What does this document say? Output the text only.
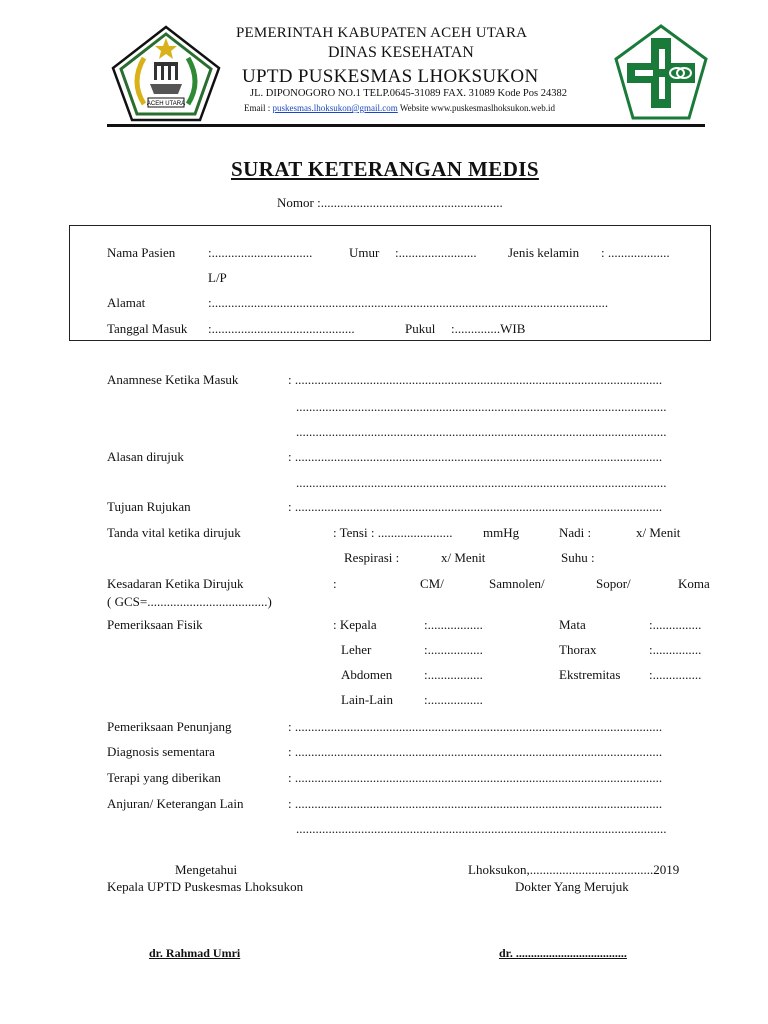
ACEH UTARA
PEMERINTAH KABUPATEN ACEH UTARA
DINAS KESEHATAN
UPTD PUSKESMAS LHOKSUKON
JL. DIPONOGORO NO.1 TELP.0645-31089 FAX. 31089 Kode Pos 24382
Email : puskesmas.lhoksukon@gmail.com Website www.puskesmaslhoksukon.web.id
SURAT KETERANGAN MEDIS
Nomor :........................................................
Nama Pasien	:...............................	Umur :........................ Jenis kelamin : ...................
L/P
Alamat	:..........................................................................................................................
Tanggal Masuk :............................................	Pukul :..............WIB
Anamnese Ketika Masuk	: .................................................................................................................
..................................................................................................................
..................................................................................................................
Alasan dirujuk	: .................................................................................................................
..................................................................................................................
Tujuan Rujukan	: .................................................................................................................
Tanda vital ketika dirujuk	: Tensi : ....................... mmHg	Nadi :	x/ Menit
Respirasi :	x/ Menit	Suhu :
Kesadaran Ketika Dirujuk	:	CM/	Samnolen/	Sopor/	Koma
( GCS=.....................................)
Pemeriksaan Fisik	: Kepala	:.................	Mata	:...............
Leher	:.................	Thorax	:...............
Abdomen :.................	Ekstremitas :...............
Lain-Lain :.................
Pemeriksaan Penunjang	: .................................................................................................................
Diagnosis sementara	: .................................................................................................................
Terapi yang diberikan	: .................................................................................................................
Anjuran/ Keterangan Lain	: .................................................................................................................
..................................................................................................................
Mengetahui
Kepala UPTD Puskesmas Lhoksukon
Lhoksukon,......................................2019
Dokter Yang Merujuk
dr. Rahmad Umri	dr. .....................................
